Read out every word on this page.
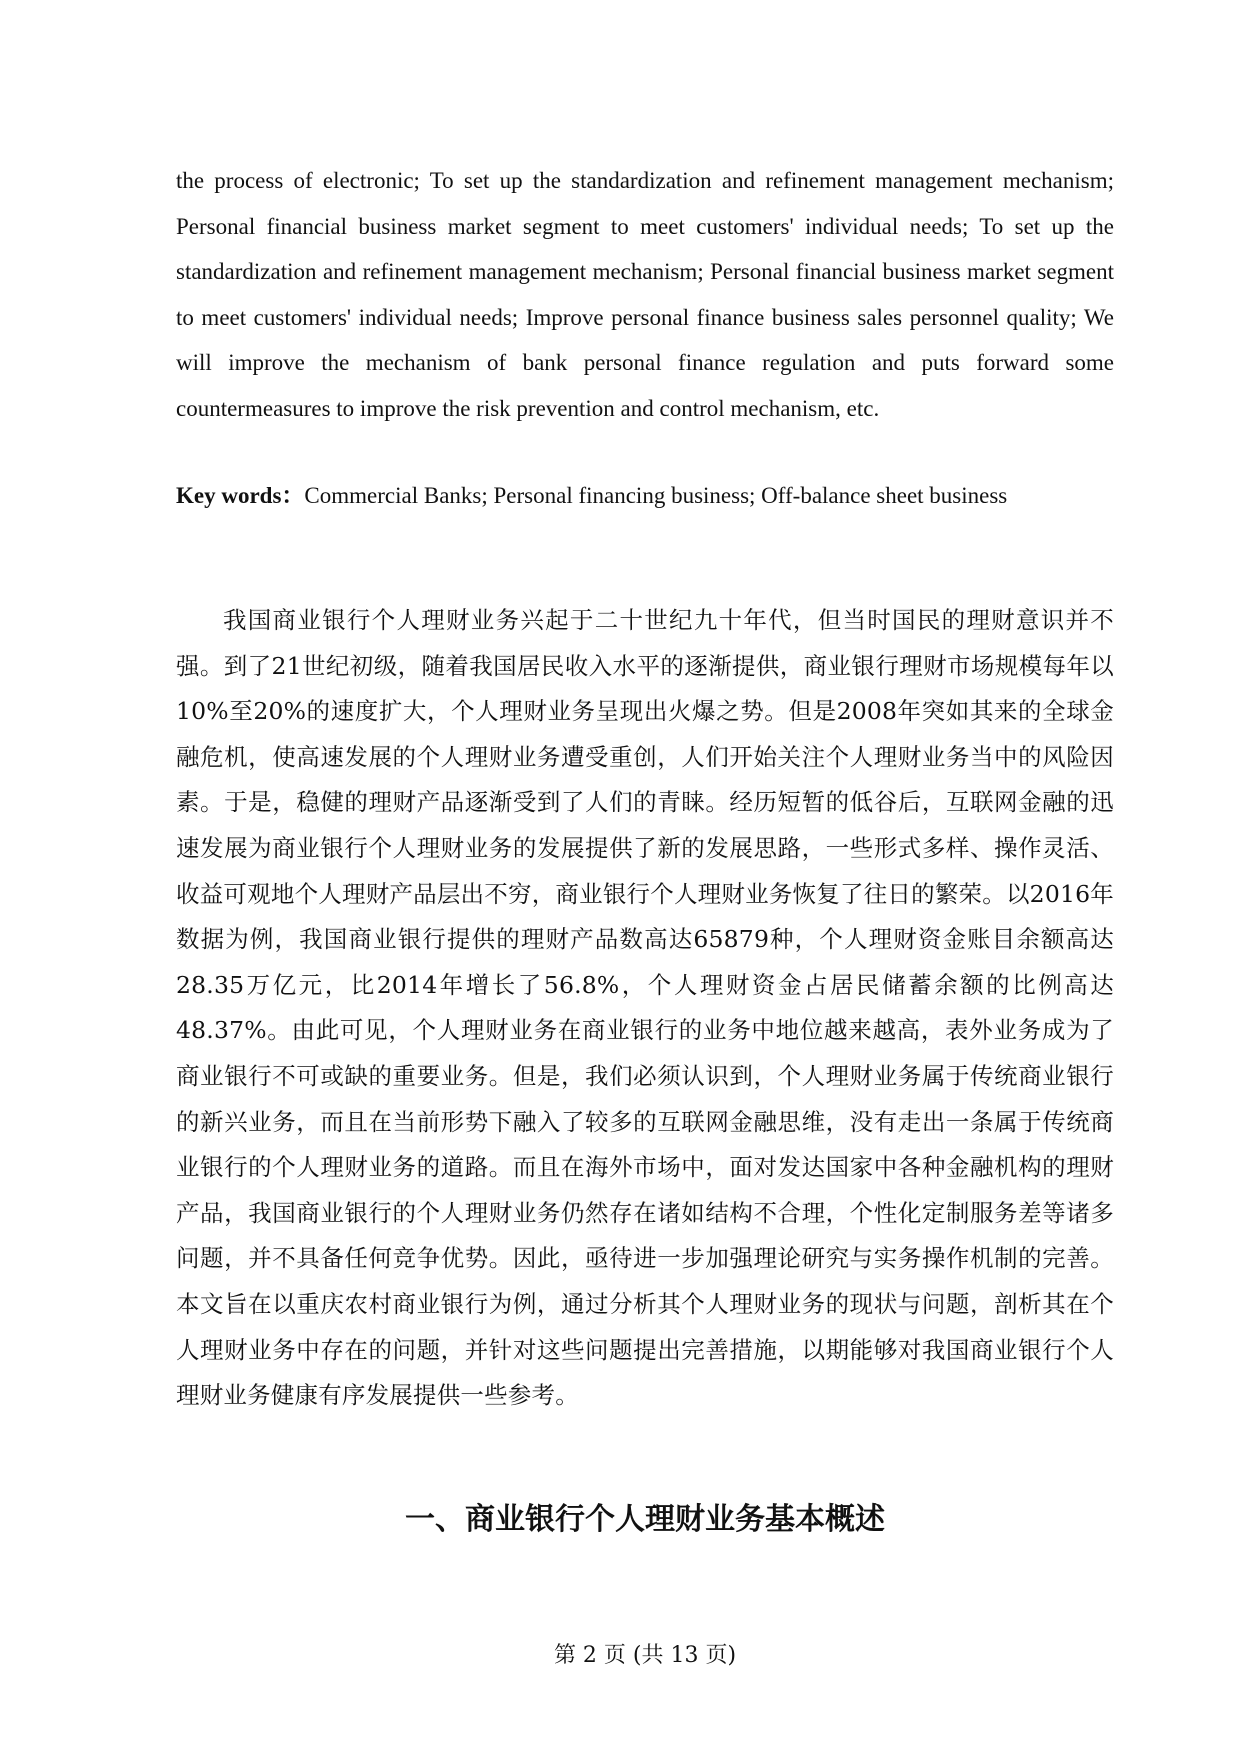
the process of electronic; To set up the standardization and refinement management mechanism; Personal financial business market segment to meet customers' individual needs; To set up the standardization and refinement management mechanism; Personal financial business market segment to meet customers' individual needs; Improve personal finance business sales personnel quality; We will improve the mechanism of bank personal finance regulation and puts forward some countermeasures to improve the risk prevention and control mechanism, etc.

Key words：Commercial Banks; Personal financing business; Off-balance sheet business

我国商业银行个人理财业务兴起于二十世纪九十年代，但当时国民的理财意识并不强。到了21世纪初级，随着我国居民收入水平的逐渐提供，商业银行理财市场规模每年以10%至20%的速度扩大，个人理财业务呈现出火爆之势。但是2008年突如其来的全球金融危机，使高速发展的个人理财业务遭受重创，人们开始关注个人理财业务当中的风险因素。于是，稳健的理财产品逐渐受到了人们的青睐。经历短暂的低谷后，互联网金融的迅速发展为商业银行个人理财业务的发展提供了新的发展思路，一些形式多样、操作灵活、收益可观地个人理财产品层出不穷，商业银行个人理财业务恢复了往日的繁荣。以2016年数据为例，我国商业银行提供的理财产品数高达65879种，个人理财资金账目余额高达28.35万亿元，比2014年增长了56.8%，个人理财资金占居民储蓄余额的比例高达48.37%。由此可见，个人理财业务在商业银行的业务中地位越来越高，表外业务成为了商业银行不可或缺的重要业务。但是，我们必须认识到，个人理财业务属于传统商业银行的新兴业务，而且在当前形势下融入了较多的互联网金融思维，没有走出一条属于传统商业银行的个人理财业务的道路。而且在海外市场中，面对发达国家中各种金融机构的理财产品，我国商业银行的个人理财业务仍然存在诸如结构不合理，个性化定制服务差等诸多问题，并不具备任何竞争优势。因此，亟待进一步加强理论研究与实务操作机制的完善。本文旨在以重庆农村商业银行为例，通过分析其个人理财业务的现状与问题，剖析其在个人理财业务中存在的问题，并针对这些问题提出完善措施，以期能够对我国商业银行个人理财业务健康有序发展提供一些参考。

一、商业银行个人理财业务基本概述
第 2 页 (共 13 页)
